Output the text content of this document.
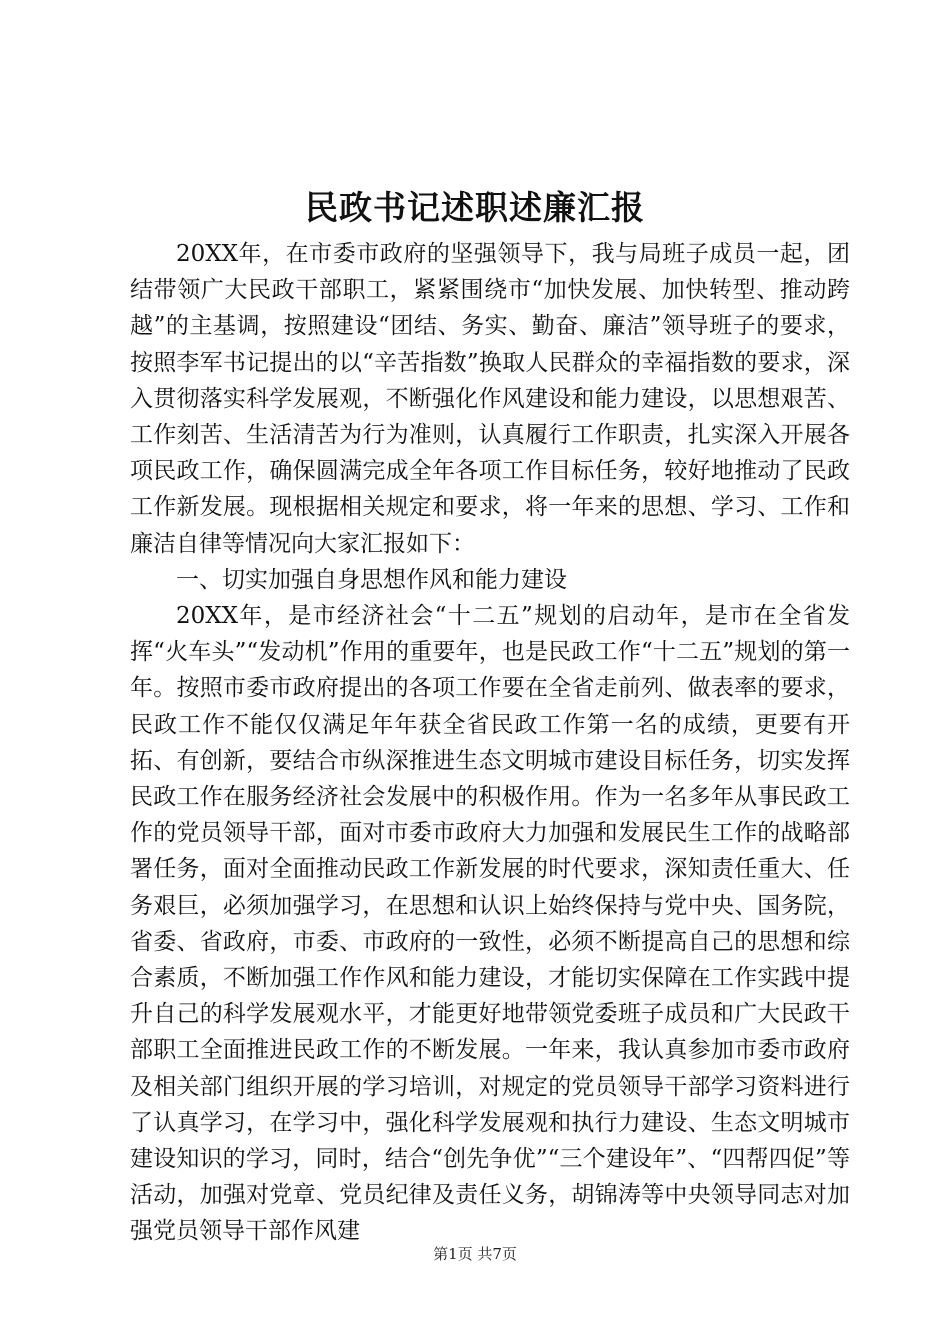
民政书记述职述廉汇报

20XX年，在市委市政府的坚强领导下，我与局班子成员一起，团结带领广大民政干部职工，紧紧围绕市“加快发展、加快转型、推动跨越”的主基调，按照建设“团结、务实、勤奋、廉洁”领导班子的要求，按照李军书记提出的以“辛苦指数”换取人民群众的幸福指数的要求，深入贯彻落实科学发展观，不断强化作风建设和能力建设，以思想艰苦、工作刻苦、生活清苦为行为准则，认真履行工作职责，扎实深入开展各项民政工作，确保圆满完成全年各项工作目标任务，较好地推动了民政工作新发展。现根据相关规定和要求，将一年来的思想、学习、工作和廉洁自律等情况向大家汇报如下：

一、切实加强自身思想作风和能力建设

20XX年，是市经济社会“十二五”规划的启动年，是市在全省发挥“火车头”“发动机”作用的重要年，也是民政工作“十二五”规划的第一年。按照市委市政府提出的各项工作要在全省走前列、做表率的要求，民政工作不能仅仅满足年年获全省民政工作第一名的成绩，更要有开拓、有创新，要结合市纵深推进生态文明城市建设目标任务，切实发挥民政工作在服务经济社会发展中的积极作用。作为一名多年从事民政工作的党员领导干部，面对市委市政府大力加强和发展民生工作的战略部署任务，面对全面推动民政工作新发展的时代要求，深知责任重大、任务艰巨，必须加强学习，在思想和认识上始终保持与党中央、国务院，省委、省政府，市委、市政府的一致性，必须不断提高自己的思想和综合素质，不断加强工作作风和能力建设，才能切实保障在工作实践中提升自己的科学发展观水平，才能更好地带领党委班子成员和广大民政干部职工全面推进民政工作的不断发展。一年来，我认真参加市委市政府及相关部门组织开展的学习培训，对规定的党员领导干部学习资料进行了认真学习，在学习中，强化科学发展观和执行力建设、生态文明城市建设知识的学习，同时，结合“创先争优”“三个建设年”、“四帮四促”等活动，加强对党章、党员纪律及责任义务，胡锦涛等中央领导同志对加强党员领导干部作风建

第1页 共7页
